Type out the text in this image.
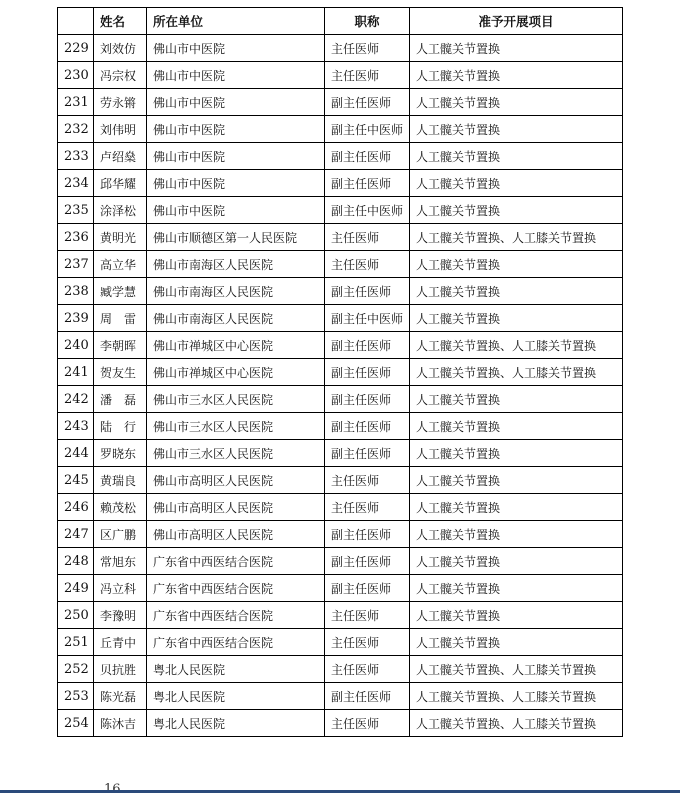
	姓名	所在单位	职称	准予开展项目
229	刘效仿	佛山市中医院	主任医师	人工髋关节置换
230	冯宗权	佛山市中医院	主任医师	人工髋关节置换
231	劳永锵	佛山市中医院	副主任医师	人工髋关节置换
232	刘伟明	佛山市中医院	副主任中医师	人工髋关节置换
233	卢绍燊	佛山市中医院	副主任医师	人工髋关节置换
234	邱华耀	佛山市中医院	副主任医师	人工髋关节置换
235	涂泽松	佛山市中医院	副主任中医师	人工髋关节置换
236	黄明光	佛山市顺德区第一人民医院	主任医师	人工髋关节置换、人工膝关节置换
237	高立华	佛山市南海区人民医院	主任医师	人工髋关节置换
238	臧学慧	佛山市南海区人民医院	副主任医师	人工髋关节置换
239	周　雷	佛山市南海区人民医院	副主任中医师	人工髋关节置换
240	李朝晖	佛山市禅城区中心医院	副主任医师	人工髋关节置换、人工膝关节置换
241	贺友生	佛山市禅城区中心医院	副主任医师	人工髋关节置换、人工膝关节置换
242	潘　磊	佛山市三水区人民医院	副主任医师	人工髋关节置换
243	陆　行	佛山市三水区人民医院	副主任医师	人工髋关节置换
244	罗晓东	佛山市三水区人民医院	副主任医师	人工髋关节置换
245	黄瑞良	佛山市高明区人民医院	主任医师	人工髋关节置换
246	赖茂松	佛山市高明区人民医院	主任医师	人工髋关节置换
247	区广鹏	佛山市高明区人民医院	副主任医师	人工髋关节置换
248	常旭东	广东省中西医结合医院	副主任医师	人工髋关节置换
249	冯立科	广东省中西医结合医院	副主任医师	人工髋关节置换
250	李豫明	广东省中西医结合医院	主任医师	人工髋关节置换
251	丘青中	广东省中西医结合医院	主任医师	人工髋关节置换
252	贝抗胜	粤北人民医院	主任医师	人工髋关节置换、人工膝关节置换
253	陈光磊	粤北人民医院	副主任医师	人工髋关节置换、人工膝关节置换
254	陈沐吉	粤北人民医院	主任医师	人工髋关节置换、人工膝关节置换
